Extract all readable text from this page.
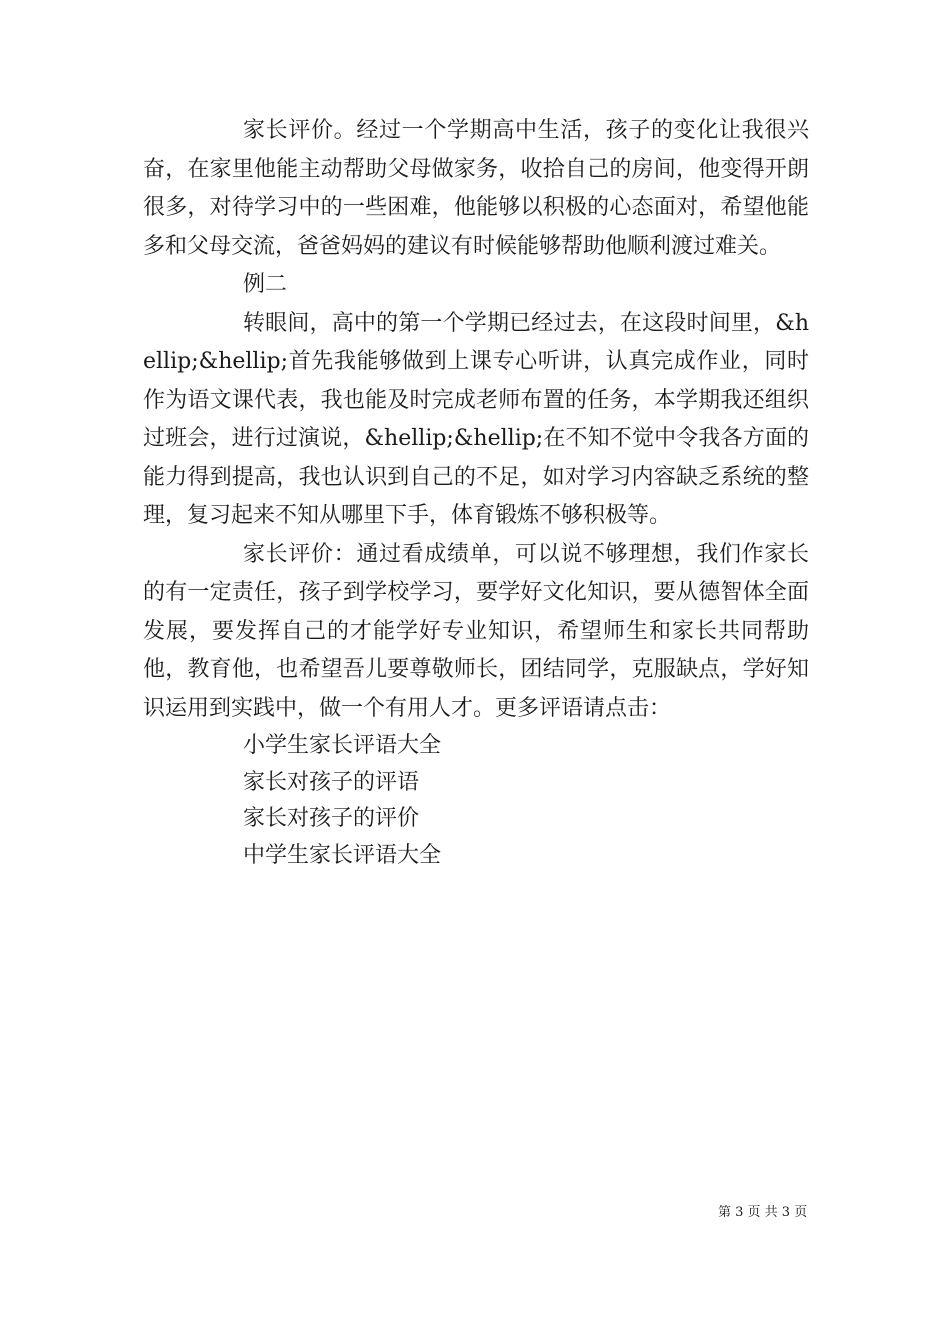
家长评价。经过一个学期高中生活，孩子的变化让我很兴奋，在家里他能主动帮助父母做家务，收拾自己的房间，他变得开朗很多，对待学习中的一些困难，他能够以积极的心态面对，希望他能多和父母交流，爸爸妈妈的建议有时候能够帮助他顺利渡过难关。

例二

转眼间，高中的第一个学期已经过去，在这段时间里，&hellip;&hellip;首先我能够做到上课专心听讲，认真完成作业，同时作为语文课代表，我也能及时完成老师布置的任务，本学期我还组织过班会，进行过演说，&hellip;&hellip;在不知不觉中令我各方面的能力得到提高，我也认识到自己的不足，如对学习内容缺乏系统的整理，复习起来不知从哪里下手，体育锻炼不够积极等。

家长评价：通过看成绩单，可以说不够理想，我们作家长的有一定责任，孩子到学校学习，要学好文化知识，要从德智体全面发展，要发挥自己的才能学好专业知识，希望师生和家长共同帮助他，教育他，也希望吾儿要尊敬师长，团结同学，克服缺点，学好知识运用到实践中，做一个有用人才。更多评语请点击：

小学生家长评语大全
家长对孩子的评语
家长对孩子的评价
中学生家长评语大全
第 3 页 共 3 页
